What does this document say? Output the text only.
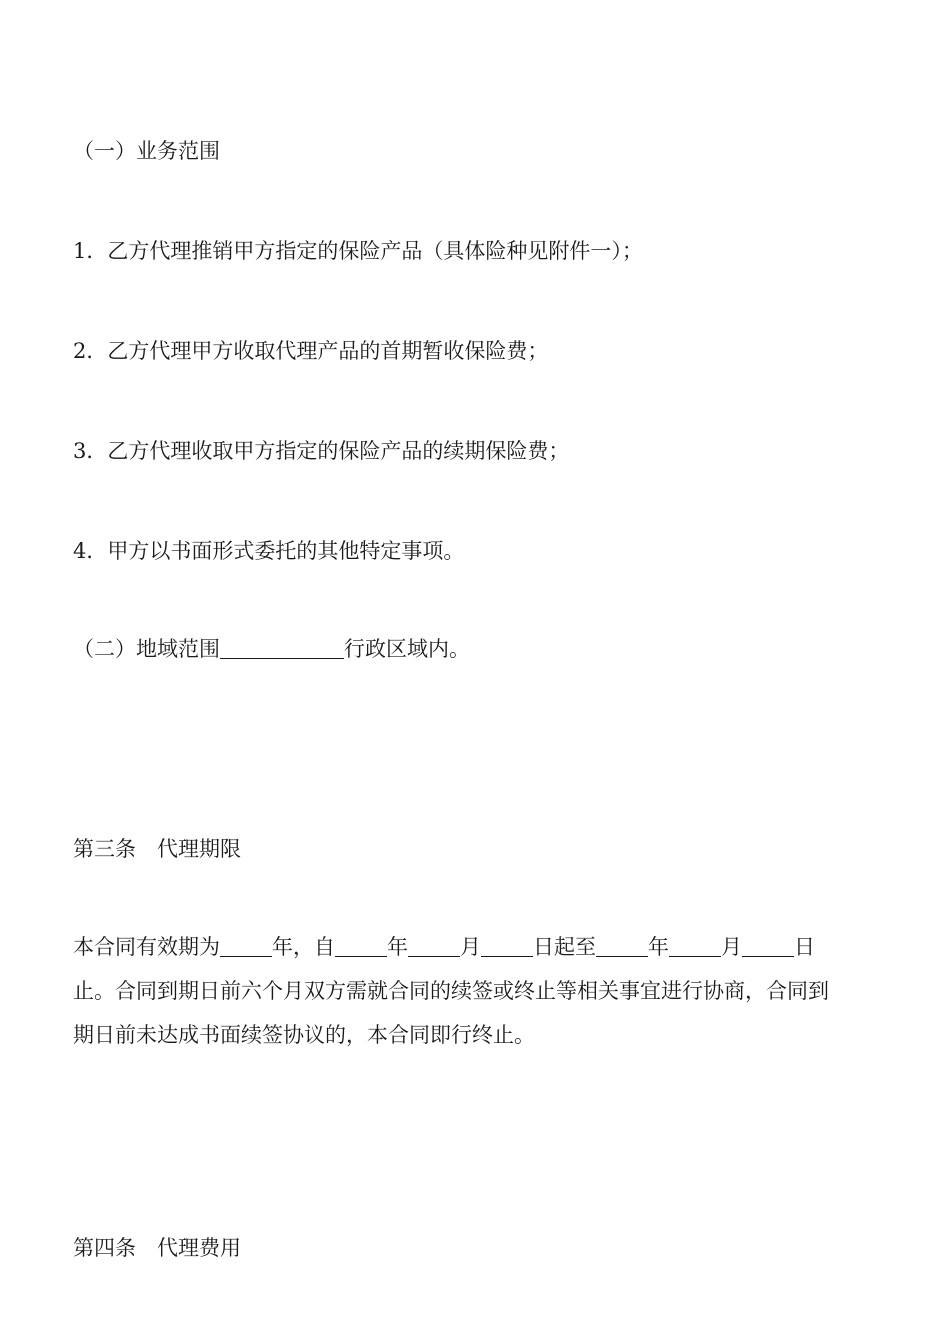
（一）业务范围
1．乙方代理推销甲方指定的保险产品（具体险种见附件一）；
2．乙方代理甲方收取代理产品的首期暂收保险费；
3．乙方代理收取甲方指定的保险产品的续期保险费；
4．甲方以书面形式委托的其他特定事项。
（二）地域范围	行政区域内。
第三条　代理期限
本合同有效期为 年，自 年 月 日起至 年 月 日
止。合同到期日前六个月双方需就合同的续签或终止等相关事宜进行协商，合同到
期日前未达成书面续签协议的，本合同即行终止。
第四条　代理费用
